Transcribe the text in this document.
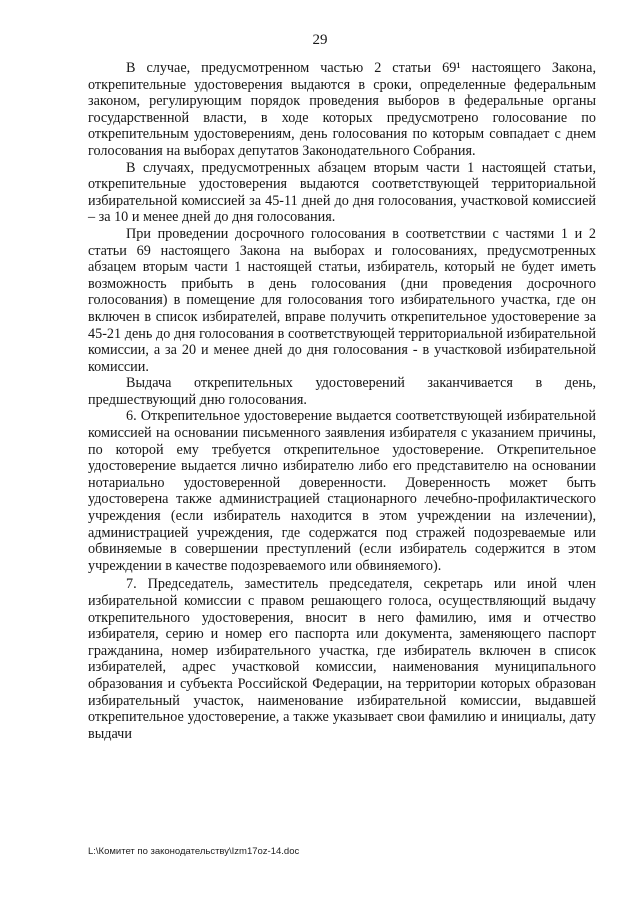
29

В случае, предусмотренном частью 2 статьи 69¹ настоящего Закона, открепительные удостоверения выдаются в сроки, определенные федеральным законом, регулирующим порядок проведения выборов в федеральные органы государственной власти, в ходе которых предусмотрено голосование по открепительным удостоверениям, день голосования по которым совпадает с днем голосования на выборах депутатов Законодательного Собрания.

В случаях, предусмотренных абзацем вторым части 1 настоящей статьи, открепительные удостоверения выдаются соответствующей территориальной избирательной комиссией за 45-11 дней до дня голосования, участковой комиссией – за 10 и менее дней до дня голосования.

При проведении досрочного голосования в соответствии с частями 1 и 2 статьи 69 настоящего Закона на выборах и голосованиях, предусмотренных абзацем вторым части 1 настоящей статьи, избиратель, который не будет иметь возможность прибыть в день голосования (дни проведения досрочного голосования) в помещение для голосования того избирательного участка, где он включен в список избирателей, вправе получить открепительное удостоверение за 45-21 день до дня голосования в соответствующей территориальной избирательной комиссии, а за 20 и менее дней до дня голосования - в участковой избирательной комиссии.

Выдача открепительных удостоверений заканчивается в день, предшествующий дню голосования.

6. Открепительное удостоверение выдается соответствующей избирательной комиссией на основании письменного заявления избирателя с указанием причины, по которой ему требуется открепительное удостоверение. Открепительное удостоверение выдается лично избирателю либо его представителю на основании нотариально удостоверенной доверенности. Доверенность может быть удостоверена также администрацией стационарного лечебно-профилактического учреждения (если избиратель находится в этом учреждении на излечении), администрацией учреждения, где содержатся под стражей подозреваемые или обвиняемые в совершении преступлений (если избиратель содержится в этом учреждении в качестве подозреваемого или обвиняемого).

7. Председатель, заместитель председателя, секретарь или иной член избирательной комиссии с правом решающего голоса, осуществляющий выдачу открепительного удостоверения, вносит в него фамилию, имя и отчество избирателя, серию и номер его паспорта или документа, заменяющего паспорт гражданина, номер избирательного участка, где избиратель включен в список избирателей, адрес участковой комиссии, наименования муниципального образования и субъекта Российской Федерации, на территории которых образован избирательный участок, наименование избирательной комиссии, выдавшей открепительное удостоверение, а также указывает свои фамилию и инициалы, дату выдачи

L:\Комитет по законодательству\Izm17oz-14.doc
